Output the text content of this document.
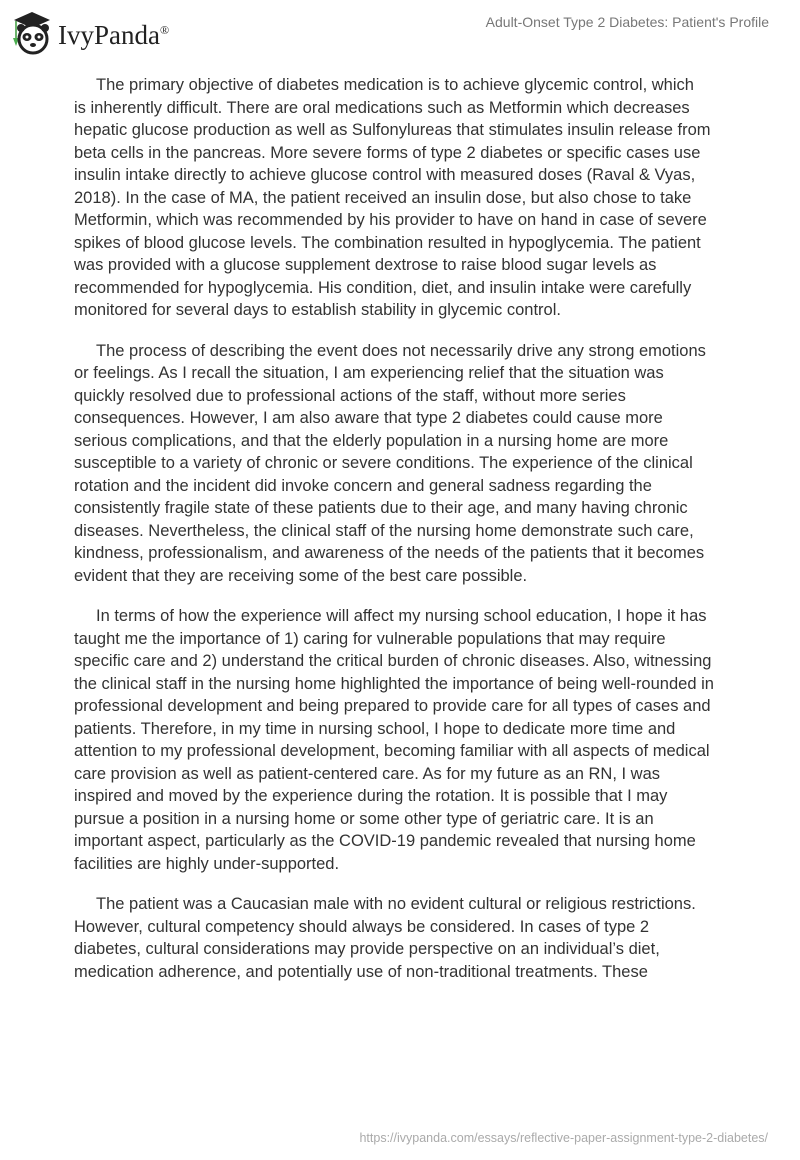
IvyPanda®	Adult-Onset Type 2 Diabetes: Patient's Profile

The primary objective of diabetes medication is to achieve glycemic control, which
is inherently difficult. There are oral medications such as Metformin which decreases
hepatic glucose production as well as Sulfonylureas that stimulates insulin release from
beta cells in the pancreas. More severe forms of type 2 diabetes or specific cases use
insulin intake directly to achieve glucose control with measured doses (Raval & Vyas,
2018). In the case of MA, the patient received an insulin dose, but also chose to take
Metformin, which was recommended by his provider to have on hand in case of severe
spikes of blood glucose levels. The combination resulted in hypoglycemia. The patient
was provided with a glucose supplement dextrose to raise blood sugar levels as
recommended for hypoglycemia. His condition, diet, and insulin intake were carefully
monitored for several days to establish stability in glycemic control.

The process of describing the event does not necessarily drive any strong emotions
or feelings. As I recall the situation, I am experiencing relief that the situation was
quickly resolved due to professional actions of the staff, without more series
consequences. However, I am also aware that type 2 diabetes could cause more
serious complications, and that the elderly population in a nursing home are more
susceptible to a variety of chronic or severe conditions. The experience of the clinical
rotation and the incident did invoke concern and general sadness regarding the
consistently fragile state of these patients due to their age, and many having chronic
diseases. Nevertheless, the clinical staff of the nursing home demonstrate such care,
kindness, professionalism, and awareness of the needs of the patients that it becomes
evident that they are receiving some of the best care possible.

In terms of how the experience will affect my nursing school education, I hope it has
taught me the importance of 1) caring for vulnerable populations that may require
specific care and 2) understand the critical burden of chronic diseases. Also, witnessing
the clinical staff in the nursing home highlighted the importance of being well-rounded in
professional development and being prepared to provide care for all types of cases and
patients. Therefore, in my time in nursing school, I hope to dedicate more time and
attention to my professional development, becoming familiar with all aspects of medical
care provision as well as patient-centered care. As for my future as an RN, I was
inspired and moved by the experience during the rotation. It is possible that I may
pursue a position in a nursing home or some other type of geriatric care. It is an
important aspect, particularly as the COVID-19 pandemic revealed that nursing home
facilities are highly under-supported.

The patient was a Caucasian male with no evident cultural or religious restrictions.
However, cultural competency should always be considered. In cases of type 2
diabetes, cultural considerations may provide perspective on an individual’s diet,
medication adherence, and potentially use of non-traditional treatments. These

https://ivypanda.com/essays/reflective-paper-assignment-type-2-diabetes/
